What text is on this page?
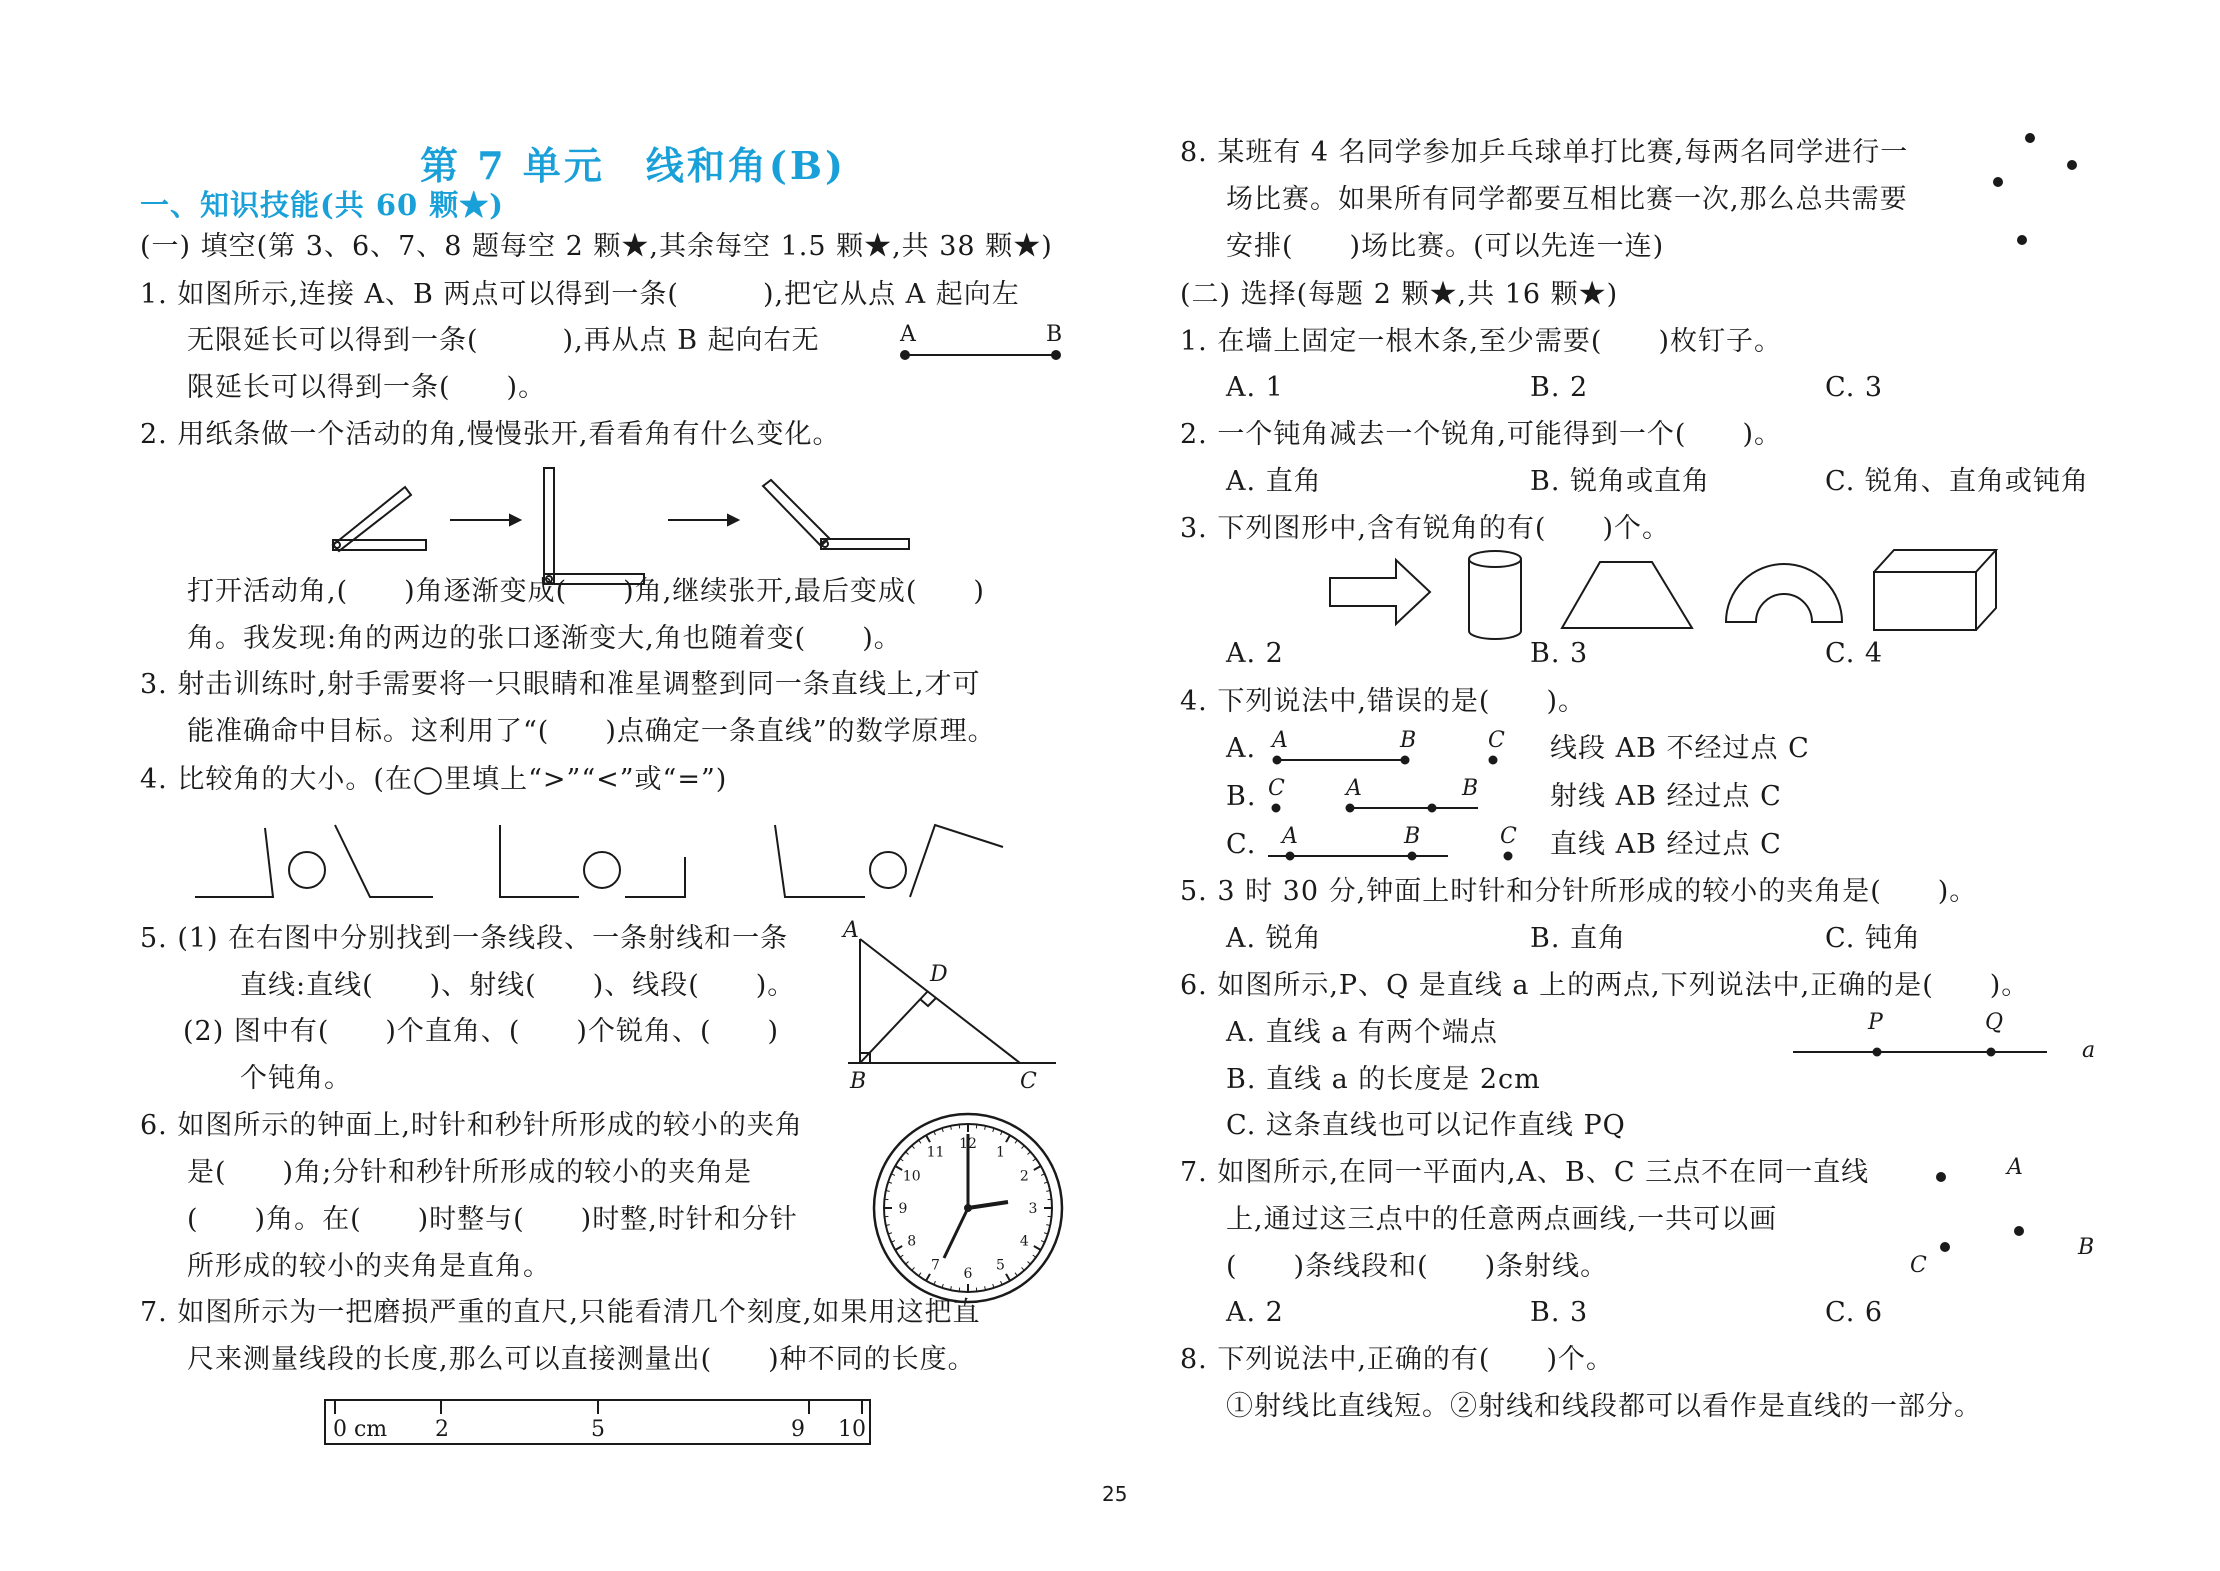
第 7 单元　线和角(B)
一、知识技能(共 60 颗★)
(一) 填空(第 3、6、7、8 题每空 2 颗★,其余每空 1.5 颗★,共 38 颗★)
1. 如图所示,连接 A、B 两点可以得到一条(　　　),把它从点 A 起向左
无限延长可以得到一条(　　　),再从点 B 起向右无
限延长可以得到一条(　　)。
A	B
2. 用纸条做一个活动的角,慢慢张开,看看角有什么变化。
打开活动角,(　　)角逐渐变成(　　)角,继续张开,最后变成(　　)
角。我发现:角的两边的张口逐渐变大,角也随着变(　　)。
3. 射击训练时,射手需要将一只眼睛和准星调整到同一条直线上,才可
能准确命中目标。这利用了“(　　)点确定一条直线”的数学原理。
4. 比较角的大小。(在◯里填上“>”“<”或“=”)
5. (1) 在右图中分别找到一条线段、一条射线和一条
直线:直线(　　)、射线(　　)、线段(　　)。
(2) 图中有(　　)个直角、(　　)个锐角、(　　)
个钝角。
A
D
B	C
6. 如图所示的钟面上,时针和秒针所形成的较小的夹角
是(　　)角;分针和秒针所形成的较小的夹角是
(　　)角。在(　　)时整与(　　)时整,时针和分针
所形成的较小的夹角是直角。
12
1
2
3
4
5
6
7
8
9
10
11
7. 如图所示为一把磨损严重的直尺,只能看清几个刻度,如果用这把直
尺来测量线段的长度,那么可以直接测量出(　　)种不同的长度。
0 cm 2	5	9 10
8. 某班有 4 名同学参加乒乓球单打比赛,每两名同学进行一
场比赛。如果所有同学都要互相比赛一次,那么总共需要
安排(　　)场比赛。(可以先连一连)
(二) 选择(每题 2 颗★,共 16 颗★)
1. 在墙上固定一根木条,至少需要(　　)枚钉子。
A. 1	B. 2	C. 3
2. 一个钝角减去一个锐角,可能得到一个(　　)。
A. 直角	B. 锐角或直角	C. 锐角、直角或钝角
3. 下列图形中,含有锐角的有(　　)个。
A. 2	B. 3	C. 4
4. 下列说法中,错误的是(　　)。
A. A	B	C 线段 AB 不经过点 C
B. C	A	B	射线 AB 经过点 C
C. A	B	C 直线 AB 经过点 C
5. 3 时 30 分,钟面上时针和分针所形成的较小的夹角是(　　)。
A. 锐角	B. 直角	C. 钝角
6. 如图所示,P、Q 是直线 a 上的两点,下列说法中,正确的是(　　)。
A. 直线 a 有两个端点
B. 直线 a 的长度是 2cm
C. 这条直线也可以记作直线 PQ
P	Q
a
7. 如图所示,在同一平面内,A、B、C 三点不在同一直线
上,通过这三点中的任意两点画线,一共可以画
(　　)条线段和(　　)条射线。
A
B
C
A. 2	B. 3	C. 6
8. 下列说法中,正确的有(　　)个。
①射线比直线短。②射线和线段都可以看作是直线的一部分。
25
